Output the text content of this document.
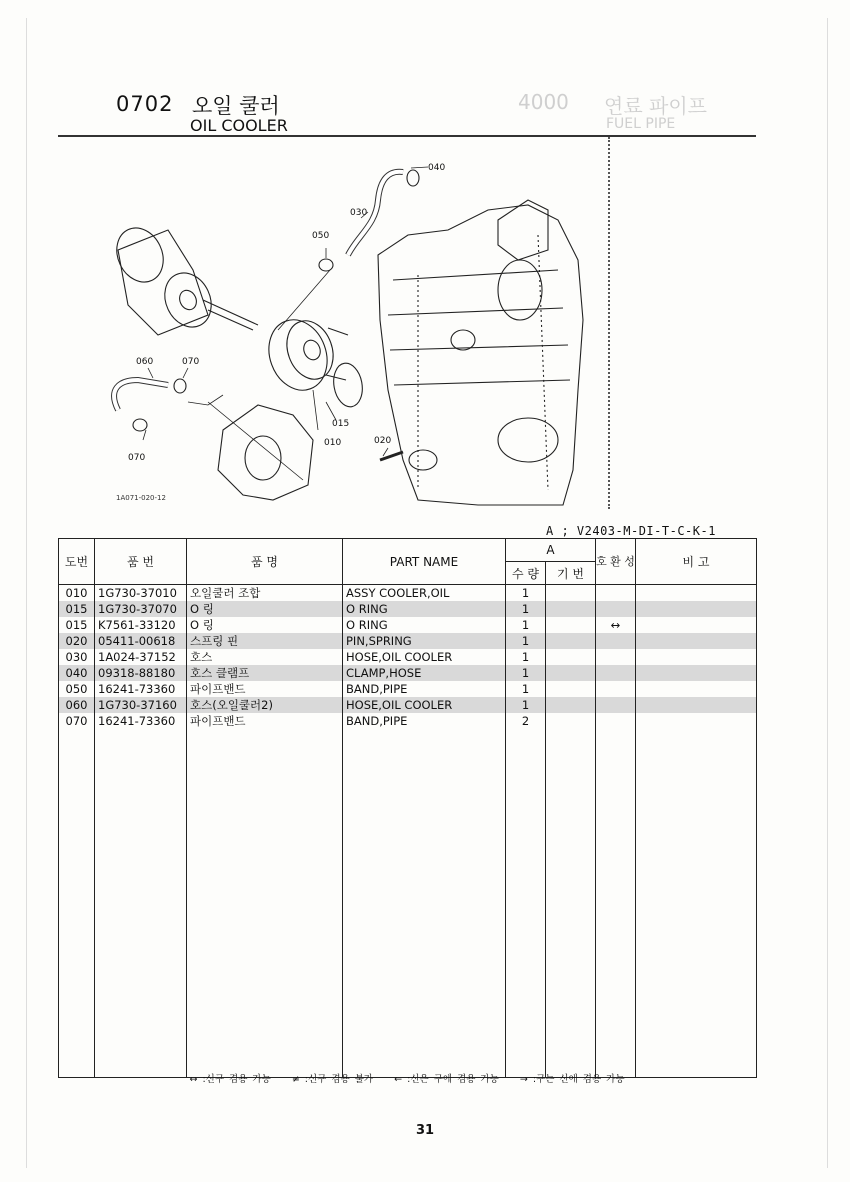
4000 연료 파이프
FUEL PIPE
0702 오일 쿨러
OIL COOLER
040
030
050
060	070
015
010	020
070
1A071-020-12
A ; V2403-M-DI-T-C-K-1
도번	품 번	품 명	PART NAME	A		호 환 성	비 고
				수 량	기 번		
010	1G730-37010	오일쿨러 조합	ASSY COOLER,OIL	1			
015	1G730-37070	O 링	O RING	1			
015	K7561-33120	O 링	O RING	1		↔	
020	05411-00618	스프링 핀	PIN,SPRING	1			
030	1A024-37152	호스	HOSE,OIL COOLER	1			
040	09318-88180	호스 클램프	CLAMP,HOSE	1			
050	16241-73360	파이프밴드	BAND,PIPE	1			
060	1G730-37160	호스(오일쿨러2)	HOSE,OIL COOLER	1			
070	16241-73360	파이프밴드	BAND,PIPE	2			

↔ :신구 겸용 가능 ≠ :신구 겸용 불가 ← :신은 구에 겸용 가능 → :구는 신에 겸용 가능
31
